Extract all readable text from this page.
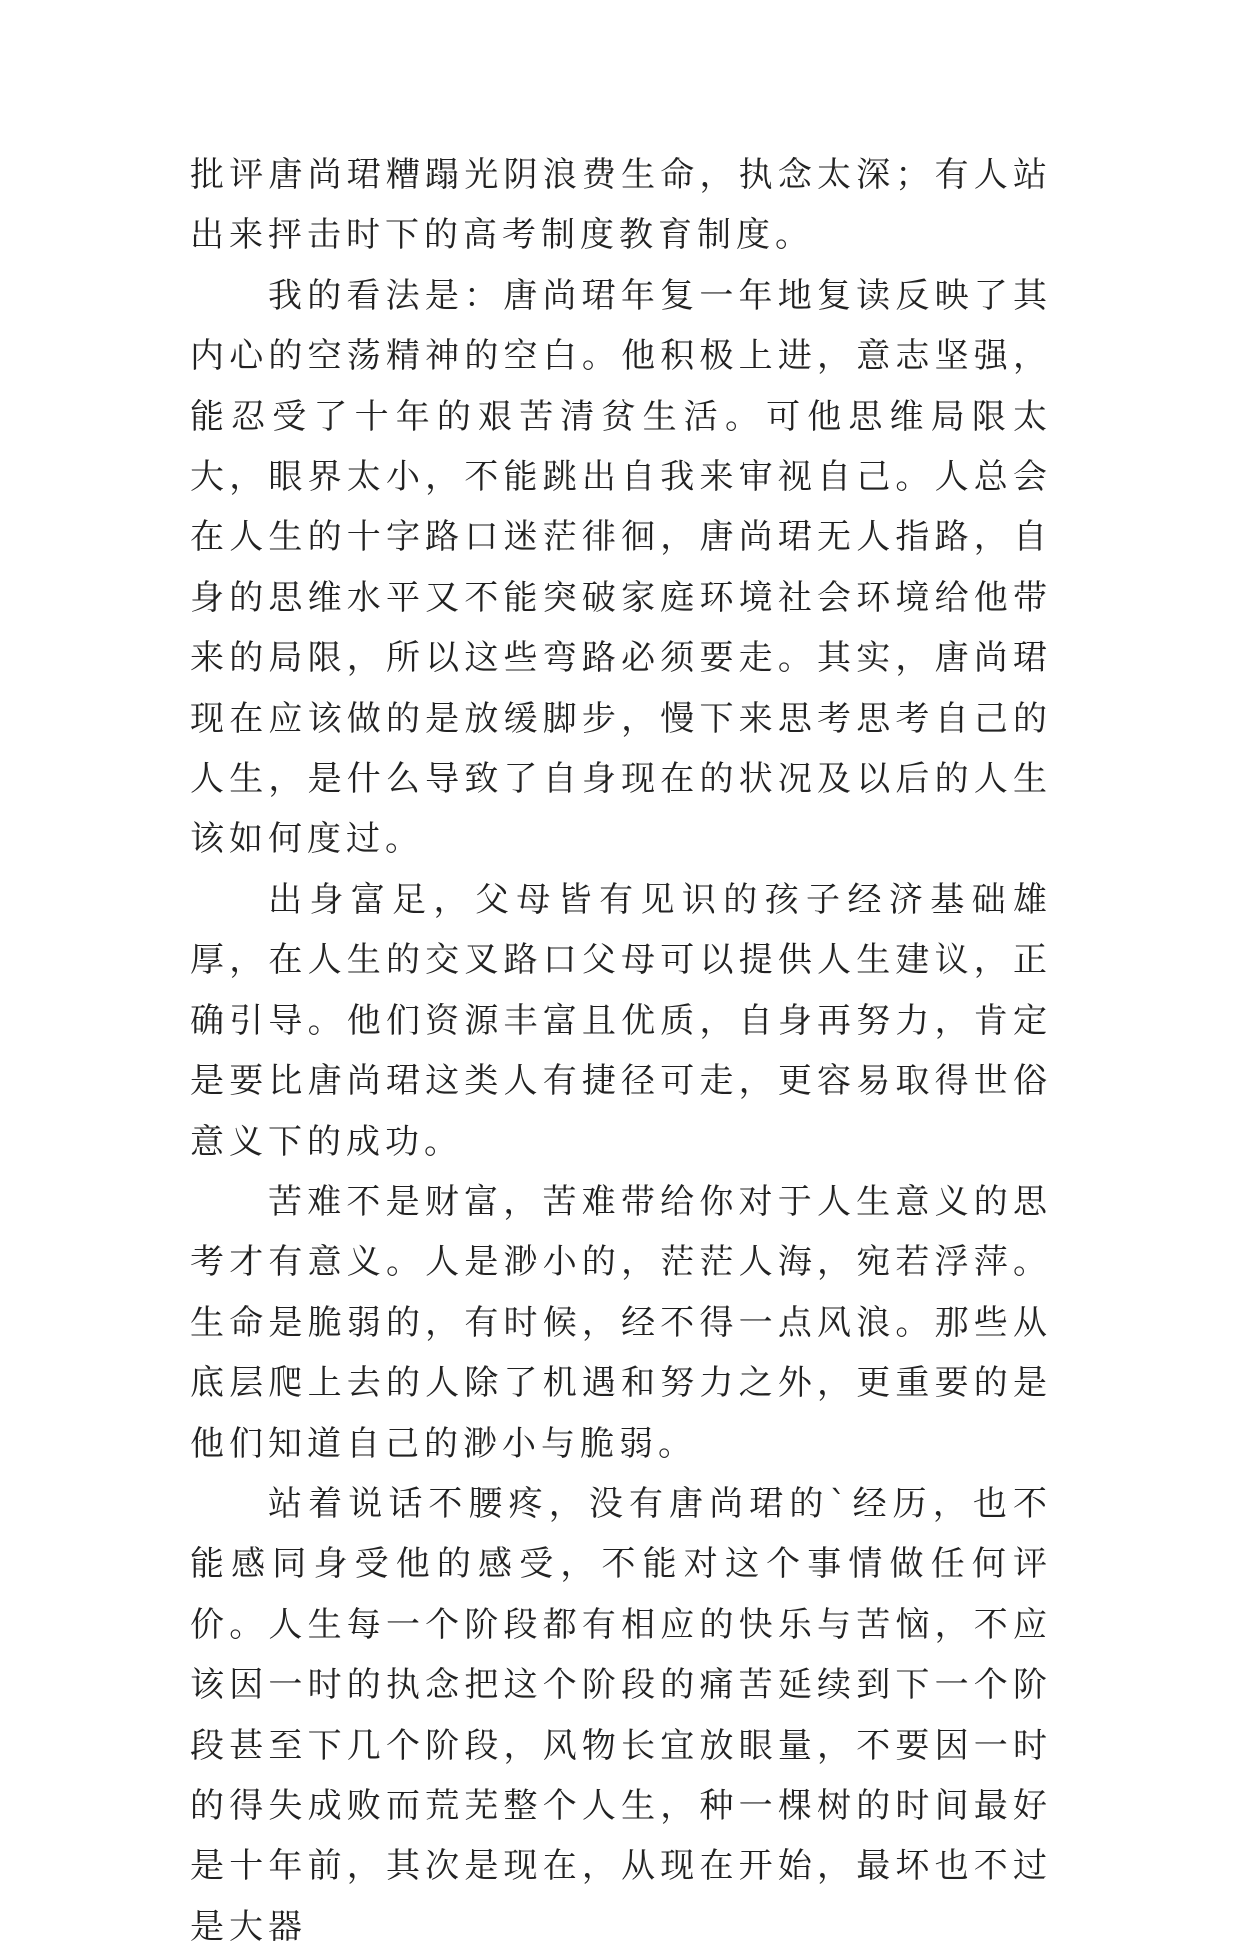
批评唐尚珺糟蹋光阴浪费生命，执念太深；有人站出来抨击时下的高考制度教育制度。

我的看法是：唐尚珺年复一年地复读反映了其内心的空荡精神的空白。他积极上进，意志坚强，能忍受了十年的艰苦清贫生活。可他思维局限太大，眼界太小，不能跳出自我来审视自己。人总会在人生的十字路口迷茫徘徊，唐尚珺无人指路，自身的思维水平又不能突破家庭环境社会环境给他带来的局限，所以这些弯路必须要走。其实，唐尚珺现在应该做的是放缓脚步，慢下来思考思考自己的人生，是什么导致了自身现在的状况及以后的人生该如何度过。

出身富足，父母皆有见识的孩子经济基础雄厚，在人生的交叉路口父母可以提供人生建议，正确引导。他们资源丰富且优质，自身再努力，肯定是要比唐尚珺这类人有捷径可走，更容易取得世俗意义下的成功。

苦难不是财富，苦难带给你对于人生意义的思考才有意义。人是渺小的，茫茫人海，宛若浮萍。生命是脆弱的，有时候，经不得一点风浪。那些从底层爬上去的人除了机遇和努力之外，更重要的是他们知道自己的渺小与脆弱。

站着说话不腰疼，没有唐尚珺的`经历，也不能感同身受他的感受，不能对这个事情做任何评价。人生每一个阶段都有相应的快乐与苦恼，不应该因一时的执念把这个阶段的痛苦延续到下一个阶段甚至下几个阶段，风物长宜放眼量，不要因一时的得失成败而荒芜整个人生，种一棵树的时间最好是十年前，其次是现在，从现在开始，最坏也不过是大器
